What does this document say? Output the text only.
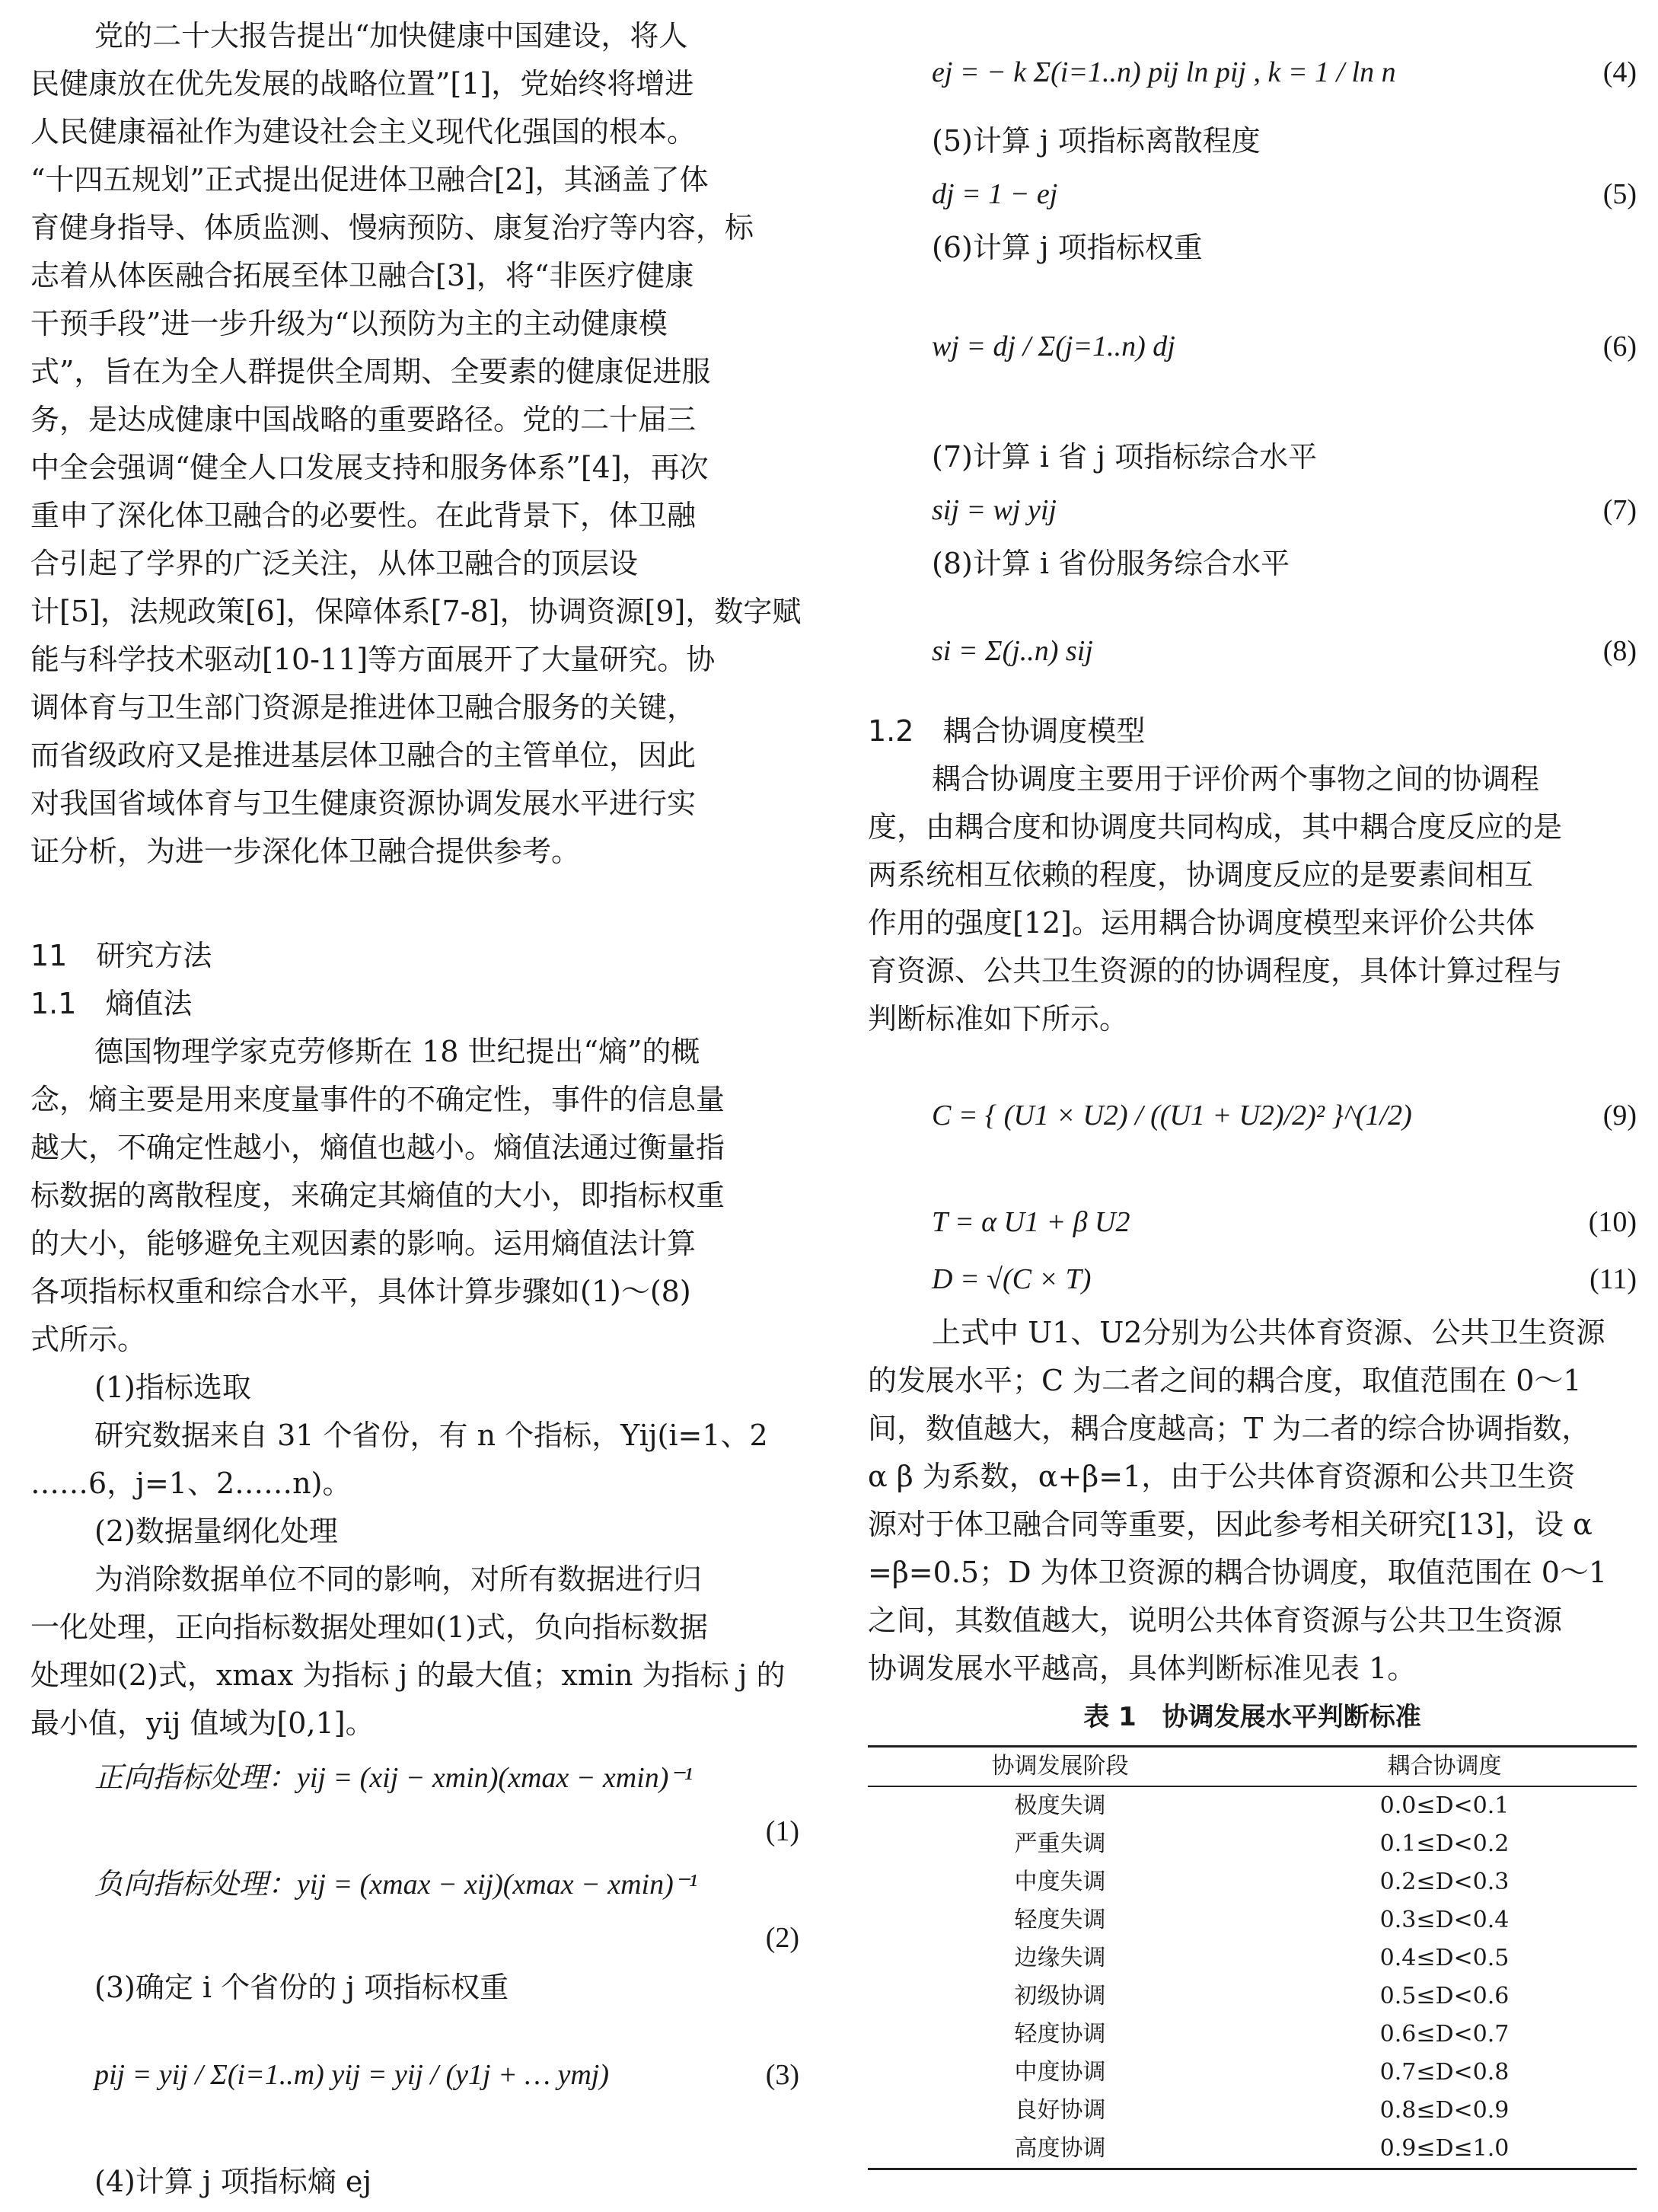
党的二十大报告提出“加快健康中国建设，将人
民健康放在优先发展的战略位置”[1]，党始终将增进
人民健康福祉作为建设社会主义现代化强国的根本。
“十四五规划”正式提出促进体卫融合[2]，其涵盖了体
育健身指导、体质监测、慢病预防、康复治疗等内容，标
志着从体医融合拓展至体卫融合[3]，将“非医疗健康
干预手段”进一步升级为“以预防为主的主动健康模
式”，旨在为全人群提供全周期、全要素的健康促进服
务，是达成健康中国战略的重要路径。党的二十届三
中全会强调“健全人口发展支持和服务体系”[4]，再次
重申了深化体卫融合的必要性。在此背景下，体卫融
合引起了学界的广泛关注，从体卫融合的顶层设
计[5]，法规政策[6]，保障体系[7-8]，协调资源[9]，数字赋
能与科学技术驱动[10-11]等方面展开了大量研究。协
调体育与卫生部门资源是推进体卫融合服务的关键，
而省级政府又是推进基层体卫融合的主管单位，因此
对我国省域体育与卫生健康资源协调发展水平进行实
证分析，为进一步深化体卫融合提供参考。
11　研究方法
1.1　熵值法
德国物理学家克劳修斯在 18 世纪提出“熵”的概
念，熵主要是用来度量事件的不确定性，事件的信息量
越大，不确定性越小，熵值也越小。熵值法通过衡量指
标数据的离散程度，来确定其熵值的大小，即指标权重
的大小，能够避免主观因素的影响。运用熵值法计算
各项指标权重和综合水平，具体计算步骤如(1)～(8)
式所示。
(1)指标选取
研究数据来自 31 个省份，有 n 个指标，Yij(i=1、2
……6，j=1、2……n)。
(2)数据量纲化处理
为消除数据单位不同的影响，对所有数据进行归
一化处理，正向指标数据处理如(1)式，负向指标数据
处理如(2)式，xmax 为指标 j 的最大值；xmin 为指标 j 的
最小值，yij 值域为[0,1]。
正向指标处理：yij = (xij − xmin)(xmax − xmin)⁻¹
(1)
负向指标处理：yij = (xmax − xij)(xmax − xmin)⁻¹
(2)
(3)确定 i 个省份的 j 项指标权重
pij = yij / Σ(i=1..m) yij = yij / (y1j + … ymj)	(3)
(4)计算 j 项指标熵 ej
ej = − k Σ(i=1..n) pij ln pij , k = 1 / ln n	(4)
(5)计算 j 项指标离散程度
dj = 1 − ej	(5)
(6)计算 j 项指标权重
wj = dj / Σ(j=1..n) dj	(6)
(7)计算 i 省 j 项指标综合水平
sij = wj yij	(7)
(8)计算 i 省份服务综合水平
si = Σ(j..n) sij	(8)
1.2　耦合协调度模型
耦合协调度主要用于评价两个事物之间的协调程
度，由耦合度和协调度共同构成，其中耦合度反应的是
两系统相互依赖的程度，协调度反应的是要素间相互
作用的强度[12]。运用耦合协调度模型来评价公共体
育资源、公共卫生资源的的协调程度，具体计算过程与
判断标准如下所示。
C = { (U1 × U2) / ((U1 + U2)/2)² }^(1/2)	(9)
T = α U1 + β U2	(10)
D = √(C × T)	(11)
上式中 U1、U2分别为公共体育资源、公共卫生资源
的发展水平；C 为二者之间的耦合度，取值范围在 0～1
间，数值越大，耦合度越高；T 为二者的综合协调指数，
α β 为系数，α+β=1，由于公共体育资源和公共卫生资
源对于体卫融合同等重要，因此参考相关研究[13]，设 α
=β=0.5；D 为体卫资源的耦合协调度，取值范围在 0～1
之间，其数值越大，说明公共体育资源与公共卫生资源
协调发展水平越高，具体判断标准见表 1。
表 1　协调发展水平判断标准
协调发展阶段	耦合协调度
极度失调	0.0≤D<0.1
严重失调	0.1≤D<0.2
中度失调	0.2≤D<0.3
轻度失调	0.3≤D<0.4
边缘失调	0.4≤D<0.5
初级协调	0.5≤D<0.6
轻度协调	0.6≤D<0.7
中度协调	0.7≤D<0.8
良好协调	0.8≤D<0.9
高度协调	0.9≤D≤1.0
